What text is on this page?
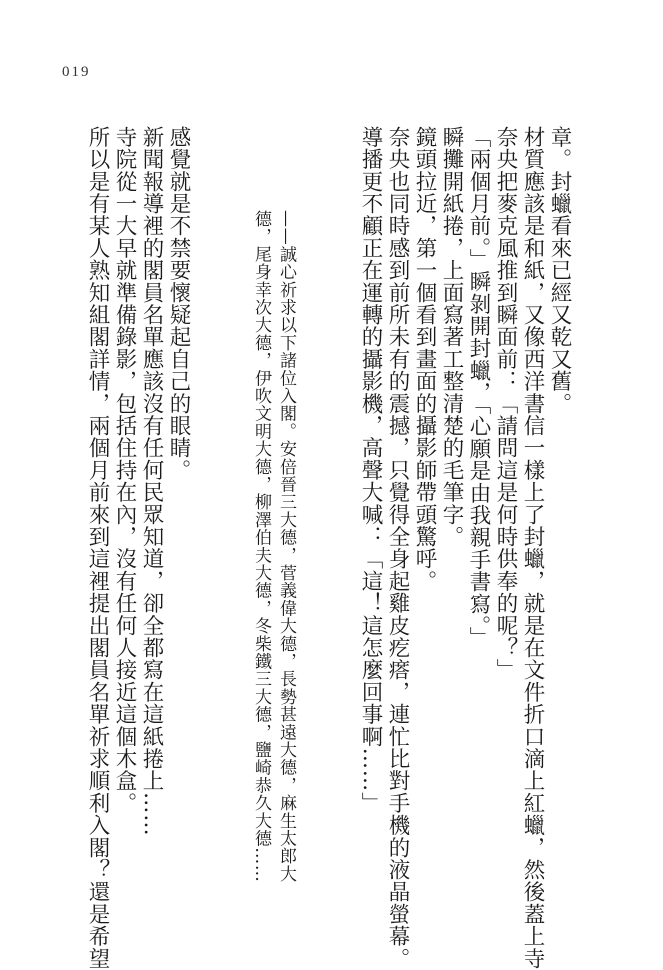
019
章。封蠟看來已經又乾又舊。
材質應該是和紙，又像西洋書信一樣上了封蠟，就是在文件折口滴上紅蠟，然後蓋上寺
奈央把麥克風推到瞬面前：「請問這是何時供奉的呢？」
「兩個月前。」瞬剝開封蠟，「心願是由我親手書寫。」
瞬攤開紙捲，上面寫著工整清楚的毛筆字。
鏡頭拉近，第一個看到畫面的攝影師帶頭驚呼。
奈央也同時感到前所未有的震撼，只覺得全身起雞皮疙瘩，連忙比對手機的液晶螢幕。
導播更不顧正在運轉的攝影機，高聲大喊：「這！這怎麼回事啊……」
——誠心祈求以下諸位入閣。安倍晉三大德，菅義偉大德，長勢甚遠大德，麻生太郎大
德，尾身幸次大德，伊吹文明大德，柳澤伯夫大德，冬柴鐵三大德，鹽崎恭久大德……
感覺就是不禁要懷疑起自己的眼睛。
新聞報導裡的閣員名單應該沒有任何民眾知道，卻全都寫在這紙捲上……
寺院從一大早就準備錄影，包括住持在內，沒有任何人接近這個木盒。
所以是有某人熟知組閣詳情，兩個月前來到這裡提出閣員名單祈求順利入閣？還是希望
